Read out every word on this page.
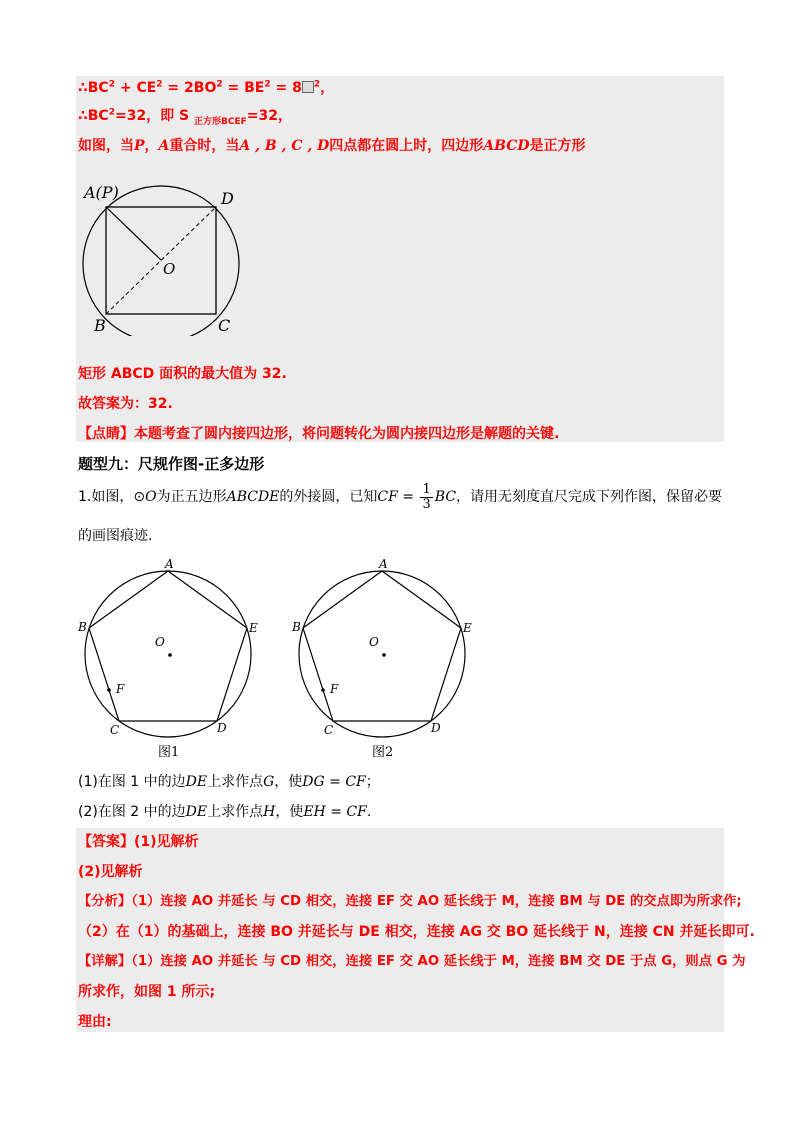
$\therefore BC^2 + CE^2 = 2BO^2 = BE^2 = 8$ $^2$，
$\therefore BC^2=32$，即 S $_{正方形BCEF}$=32，
如图，当P，A重合时，当A , B , C , D四点都在圆上时，四边形ABCD是正方形
A(P)	D
O
B	C
矩形 ABCD 面积的最大值为 32.
故答案为：32.
【点睛】本题考查了圆内接四边形，将问题转化为圆内接四边形是解题的关键.
题型九：尺规作图-正多边形
1.如图，⊙O为正五边形ABCDE的外接圆，已知CF = $\frac{1}{3}$ BC，请用无刻度直尺完成下列作图，保留必要
的画图痕迹.
A
B	E
O
F
C	D
图1
A
B	E
O
F
C	D
图2
(1)在图 1 中的边DE上求作点G，使DG = CF；
(2)在图 2 中的边DE上求作点H，使EH = CF.
【答案】(1)见解析
(2)见解析
【分析】（1）连接 AO 并延长 与 CD 相交，连接 EF 交 AO 延长线于 M，连接 BM 与 DE 的交点即为所求作;
（2）在（1）的基础上，连接 BO 并延长与 DE 相交，连接 AG 交 BO 延长线于 N，连接 CN 并延长即可.
【详解】（1）连接 AO 并延长 与 CD 相交，连接 EF 交 AO 延长线于 M，连接 BM 交 DE 于点 G，则点 G 为
所求作，如图 1 所示;
理由:
